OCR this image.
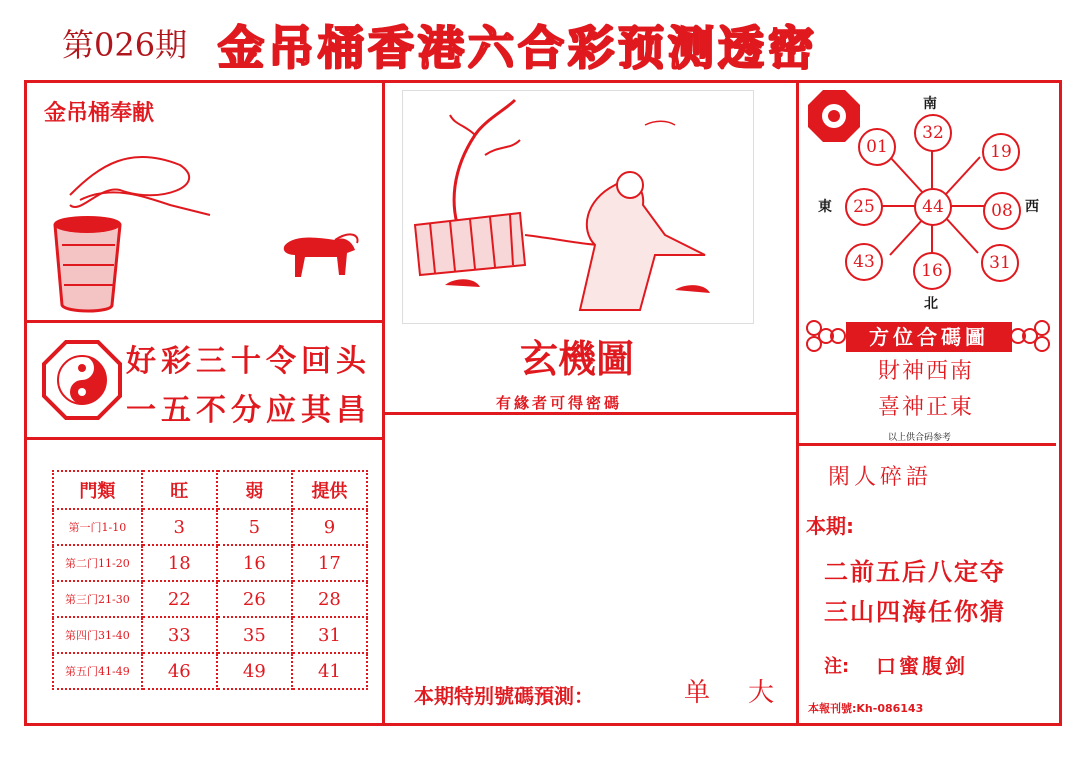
第026期 金吊桶香港六合彩预测透密
金吊桶奉献
好彩三十令回头
一五不分应其昌
門類	旺	弱	提供
第一门1-10	3	5	9
第二门11-20	18	16	17
第三门21-30	22	26	28
第四门31-40	33	35	31
第五门41-49	46	49	41
玄機圖
有緣者可得密碼
本期特别號碼預測：	单 大
南
北
東	西
32
01	19
25	44	08
43	16	31
方位合碼圖
財神西南
喜神正東
以上供合码参考
閑人碎語
本期:
二前五后八定夺
三山四海任你猜
注: 口蜜腹剑
本報刊號:Kh-086143
